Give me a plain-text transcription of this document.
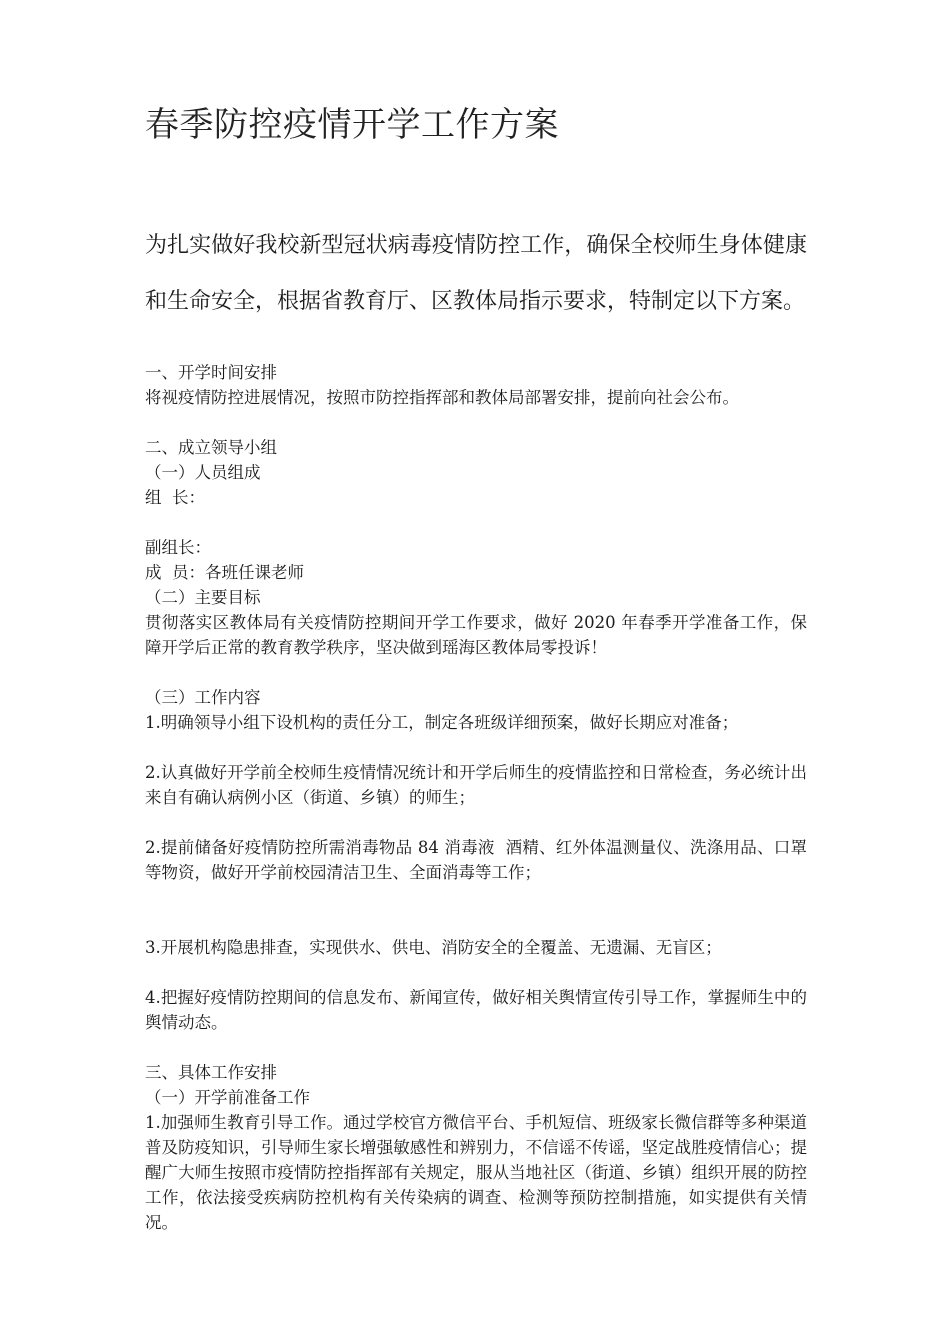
春季防控疫情开学工作方案

为扎实做好我校新型冠状病毒疫情防控工作，确保全校师生身体健康和生命安全，根据省教育厅、区教体局指示要求，特制定以下方案。

一、开学时间安排

将视疫情防控进展情况，按照市防控指挥部和教体局部署安排，提前向社会公布。

二、成立领导小组

（一）人员组成

组  长：

副组长：

成  员：各班任课老师

（二）主要目标

贯彻落实区教体局有关疫情防控期间开学工作要求，做好 2020 年春季开学准备工作，保障开学后正常的教育教学秩序，坚决做到瑶海区教体局零投诉！

（三）工作内容

1.明确领导小组下设机构的责任分工，制定各班级详细预案，做好长期应对准备；

2.认真做好开学前全校师生疫情情况统计和开学后师生的疫情监控和日常检查，务必统计出来自有确认病例小区（街道、乡镇）的师生；

2.提前储备好疫情防控所需消毒物品 84 消毒液  酒精、红外体温测量仪、洗涤用品、口罩等物资，做好开学前校园清洁卫生、全面消毒等工作；

3.开展机构隐患排查，实现供水、供电、消防安全的全覆盖、无遗漏、无盲区；

4.把握好疫情防控期间的信息发布、新闻宣传，做好相关舆情宣传引导工作，掌握师生中的舆情动态。

三、具体工作安排

（一）开学前准备工作

1.加强师生教育引导工作。通过学校官方微信平台、手机短信、班级家长微信群等多种渠道普及防疫知识，引导师生家长增强敏感性和辨别力，不信谣不传谣，坚定战胜疫情信心；提醒广大师生按照市疫情防控指挥部有关规定，服从当地社区（街道、乡镇）组织开展的防控工作，依法接受疾病防控机构有关传染病的调查、检测等预防控制措施，如实提供有关情况。
